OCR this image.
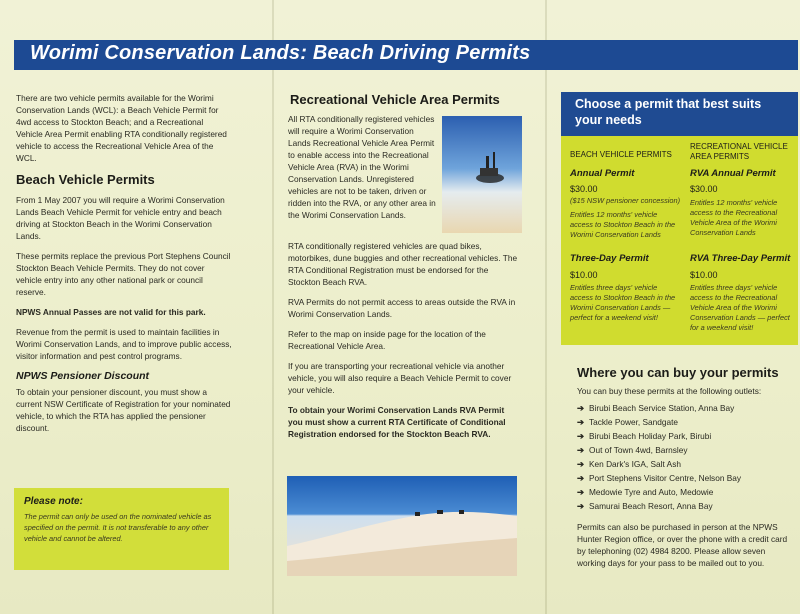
Worimi Conservation Lands: Beach Driving Permits

There are two vehicle permits available for the Worimi Conservation Lands (WCL): a Beach Vehicle Permit for 4wd access to Stockton Beach; and a Recreational Vehicle Area Permit enabling RTA conditionally registered vehicle to access the Recreational Vehicle Area of the WCL.

Beach Vehicle Permits

From 1 May 2007 you will require a Worimi Conservation Lands Beach Vehicle Permit for vehicle entry and beach driving at Stockton Beach in the Worimi Conservation Lands.

These permits replace the previous Port Stephens Council Stockton Beach Vehicle Permits. They do not cover vehicle entry into any other national park or council reserve.

NPWS Annual Passes are not valid for this park.

Revenue from the permit is used to maintain facilities in Worimi Conservation Lands, and to improve public access, visitor information and pest control programs.

NPWS Pensioner Discount

To obtain your pensioner discount, you must show a current NSW Certificate of Registration for your nominated vehicle, to which the RTA has applied the pensioner discount.

Please note:
The permit can only be used on the nominated vehicle as specified on the permit. It is not transferable to any other vehicle and cannot be altered.
Recreational Vehicle Area Permits

All RTA conditionally registered vehicles will require a Worimi Conservation Lands Recreational Vehicle Area Permit to enable access into the Recreational Vehicle Area (RVA) in the Worimi Conservation Lands. Unregistered vehicles are not to be taken, driven or ridden into the RVA, or any other area in the Worimi Conservation Lands.

RTA conditionally registered vehicles are quad bikes, motorbikes, dune buggies and other recreational vehicles. The RTA Conditional Registration must be endorsed for the Stockton Beach RVA.

RVA Permits do not permit access to areas outside the RVA in Worimi Conservation Lands.

Refer to the map on inside page for the location of the Recreational Vehicle Area.

If you are transporting your recreational vehicle via another vehicle, you will also require a Beach Vehicle Permit to cover your vehicle.

To obtain your Worimi Conservation Lands RVA Permit you must show a current RTA Certificate of Conditional Registration endorsed for the Stockton Beach RVA.

Choose a permit that best suits your needs
BEACH VEHICLE PERMITS
RECREATIONAL VEHICLE AREA PERMITS
Annual Permit
$30.00
($15 NSW pensioner concession)
Entitles 12 months' vehicle access to Stockton Beach in the Worimi Conservation Lands
RVA Annual Permit
$30.00
Entitles 12 months' vehicle access to the Recreational Vehicle Area of the Worimi Conservation Lands
Three-Day Permit
$10.00
Entitles three days' vehicle access to Stockton Beach in the Worimi Conservation Lands — perfect for a weekend visit!
RVA Three-Day Permit
$10.00
Entitles three days' vehicle access to the Recreational Vehicle Area of the Worimi Conservation Lands — perfect for a weekend visit!
Where you can buy your permits

You can buy these permits at the following outlets:

➔ Birubi Beach Service Station, Anna Bay
➔ Tackle Power, Sandgate
➔ Birubi Beach Holiday Park, Birubi
➔ Out of Town 4wd, Barnsley
➔ Ken Dark's IGA, Salt Ash
➔ Port Stephens Visitor Centre, Nelson Bay
➔ Medowie Tyre and Auto, Medowie
➔ Samurai Beach Resort, Anna Bay

Permits can also be purchased in person at the NPWS Hunter Region office, or over the phone with a credit card by telephoning (02) 4984 8200. Please allow seven working days for your pass to be mailed out to you.
